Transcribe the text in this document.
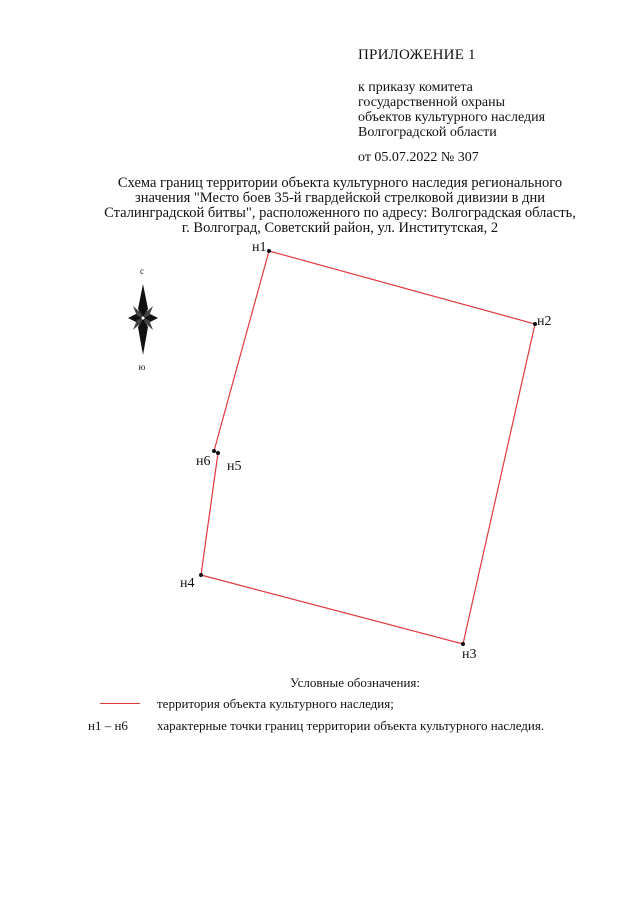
ПРИЛОЖЕНИЕ 1
к приказу комитета
государственной охраны
объектов культурного наследия
Волгоградской области
от 05.07.2022 № 307
Схема границ территории объекта культурного наследия регионального
значения "Место боев 35-й гвардейской стрелковой дивизии в дни
Сталинградской битвы", расположенного по адресу: Волгоградская область,
г. Волгоград, Советский район, ул. Институтская, 2
с
ю
н1
н2
н3
н4
н5
н6
Условные обозначения:
территория объекта культурного наследия;
н1 – н6 характерные точки границ территории объекта культурного наследия.
